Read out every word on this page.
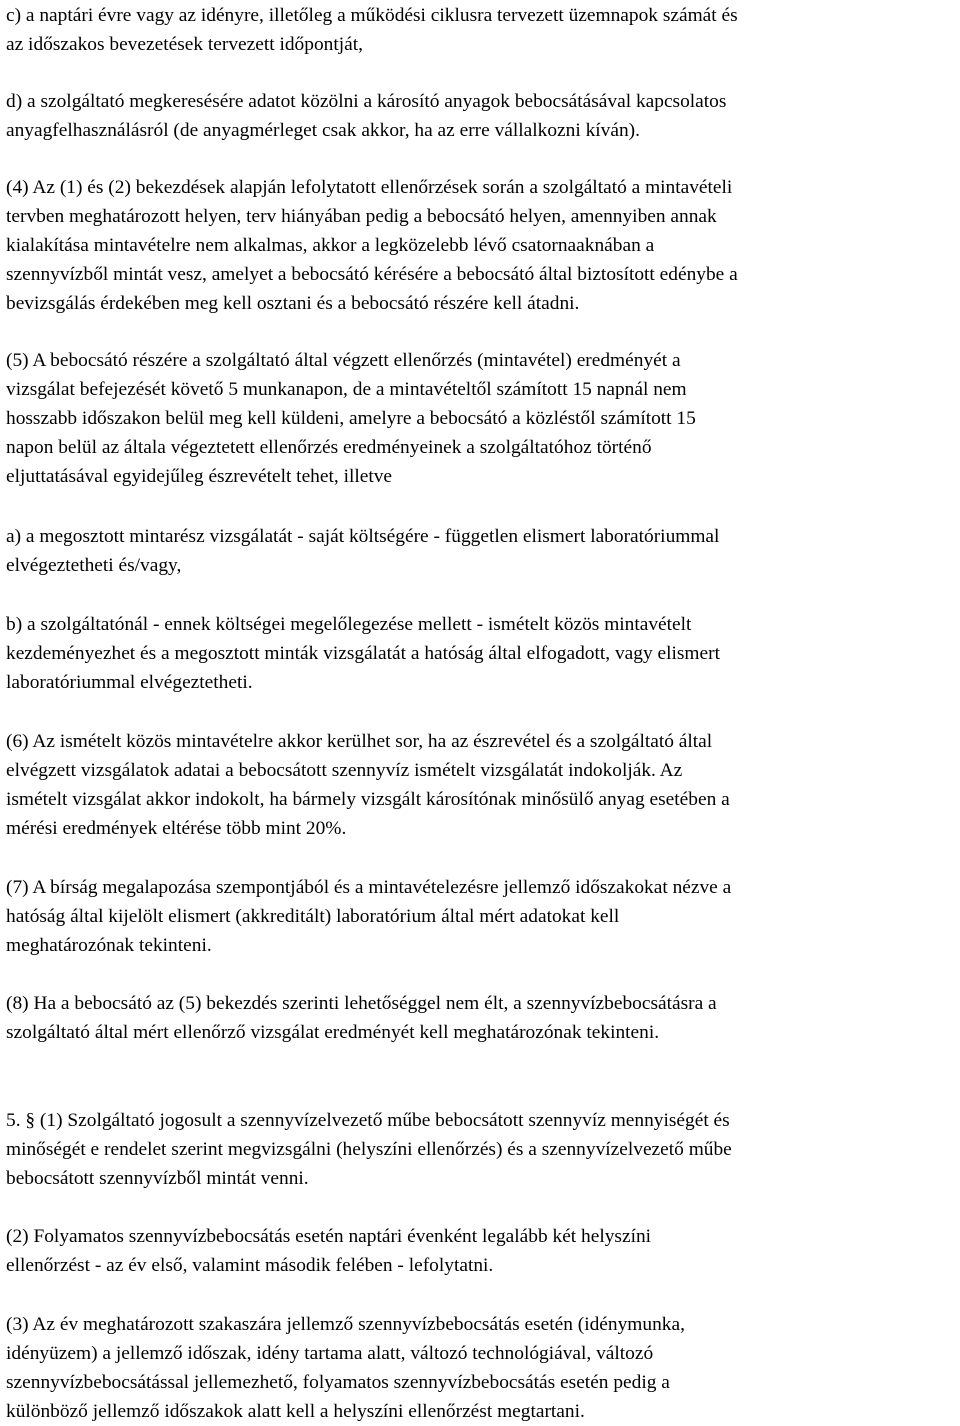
c) a naptári évre vagy az idényre, illetőleg a működési ciklusra tervezett üzemnapok számát és
az időszakos bevezetések tervezett időpontját,

d) a szolgáltató megkeresésére adatot közölni a károsító anyagok bebocsátásával kapcsolatos
anyagfelhasználásról (de anyagmérleget csak akkor, ha az erre vállalkozni kíván).

(4) Az (1) és (2) bekezdések alapján lefolytatott ellenőrzések során a szolgáltató a mintavételi
tervben meghatározott helyen, terv hiányában pedig a bebocsátó helyen, amennyiben annak
kialakítása mintavételre nem alkalmas, akkor a legközelebb lévő csatornaaknában a
szennyvízből mintát vesz, amelyet a bebocsátó kérésére a bebocsátó által biztosított edénybe a
bevizsgálás érdekében meg kell osztani és a bebocsátó részére kell átadni.

(5) A bebocsátó részére a szolgáltató által végzett ellenőrzés (mintavétel) eredményét a
vizsgálat befejezését követő 5 munkanapon, de a mintavételtől számított 15 napnál nem
hosszabb időszakon belül meg kell küldeni, amelyre a bebocsátó a közléstől számított 15
napon belül az általa végeztetett ellenőrzés eredményeinek a szolgáltatóhoz történő
eljuttatásával egyidejűleg észrevételt tehet, illetve

a) a megosztott mintarész vizsgálatát - saját költségére - független elismert laboratóriummal
elvégeztetheti és/vagy,

b) a szolgáltatónál - ennek költségei megelőlegezése mellett - ismételt közös mintavételt
kezdeményezhet és a megosztott minták vizsgálatát a hatóság által elfogadott, vagy elismert
laboratóriummal elvégeztetheti.

(6) Az ismételt közös mintavételre akkor kerülhet sor, ha az észrevétel és a szolgáltató által
elvégzett vizsgálatok adatai a bebocsátott szennyvíz ismételt vizsgálatát indokolják. Az
ismételt vizsgálat akkor indokolt, ha bármely vizsgált károsítónak minősülő anyag esetében a
mérési eredmények eltérése több mint 20%.

(7) A bírság megalapozása szempontjából és a mintavételezésre jellemző időszakokat nézve a
hatóság által kijelölt elismert (akkreditált) laboratórium által mért adatokat kell
meghatározónak tekinteni.

(8) Ha a bebocsátó az (5) bekezdés szerinti lehetőséggel nem élt, a szennyvízbebocsátásra a
szolgáltató által mért ellenőrző vizsgálat eredményét kell meghatározónak tekinteni.

5. § (1) Szolgáltató jogosult a szennyvízelvezető műbe bebocsátott szennyvíz mennyiségét és
minőségét e rendelet szerint megvizsgálni (helyszíni ellenőrzés) és a szennyvízelvezető műbe
bebocsátott szennyvízből mintát venni.

(2) Folyamatos szennyvízbebocsátás esetén naptári évenként legalább két helyszíni
ellenőrzést - az év első, valamint második felében - lefolytatni.

(3) Az év meghatározott szakaszára jellemző szennyvízbebocsátás esetén (idénymunka,
idényüzem) a jellemző időszak, idény tartama alatt, változó technológiával, változó
szennyvízbebocsátással jellemezhető, folyamatos szennyvízbebocsátás esetén pedig a
különböző jellemző időszakok alatt kell a helyszíni ellenőrzést megtartani.
